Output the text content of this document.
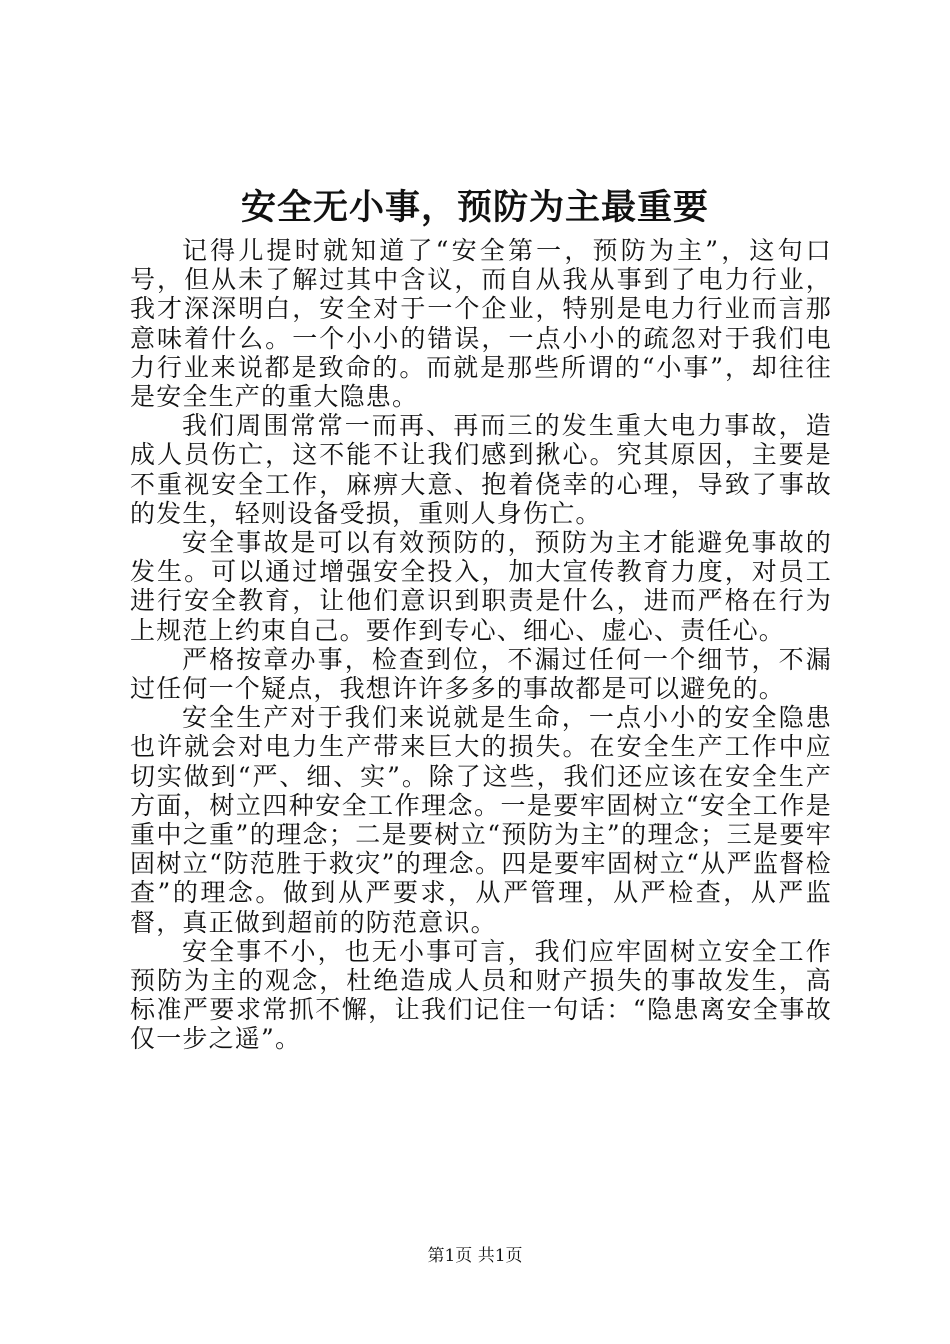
安全无小事，预防为主最重要

记得儿提时就知道了“安全第一，预防为主”，这句口号，但从未了解过其中含议，而自从我从事到了电力行业，我才深深明白，安全对于一个企业，特别是电力行业而言那意味着什么。一个小小的错误，一点小小的疏忽对于我们电力行业来说都是致命的。而就是那些所谓的“小事”，却往往是安全生产的重大隐患。

我们周围常常一而再、再而三的发生重大电力事故，造成人员伤亡，这不能不让我们感到揪心。究其原因，主要是不重视安全工作，麻痹大意、抱着侥幸的心理，导致了事故的发生，轻则设备受损，重则人身伤亡。

安全事故是可以有效预防的，预防为主才能避免事故的发生。可以通过增强安全投入，加大宣传教育力度，对员工进行安全教育，让他们意识到职责是什么，进而严格在行为上规范上约束自己。要作到专心、细心、虚心、责任心。

严格按章办事，检查到位，不漏过任何一个细节，不漏过任何一个疑点，我想许许多多的事故都是可以避免的。

安全生产对于我们来说就是生命，一点小小的安全隐患也许就会对电力生产带来巨大的损失。在安全生产工作中应切实做到“严、细、实”。除了这些，我们还应该在安全生产方面，树立四种安全工作理念。一是要牢固树立“安全工作是重中之重”的理念；二是要树立“预防为主”的理念；三是要牢固树立“防范胜于救灾”的理念。四是要牢固树立“从严监督检查”的理念。做到从严要求，从严管理，从严检查，从严监督，真正做到超前的防范意识。

安全事不小，也无小事可言，我们应牢固树立安全工作预防为主的观念，杜绝造成人员和财产损失的事故发生，高标准严要求常抓不懈，让我们记住一句话：“隐患离安全事故仅一步之遥”。

第1页 共1页
